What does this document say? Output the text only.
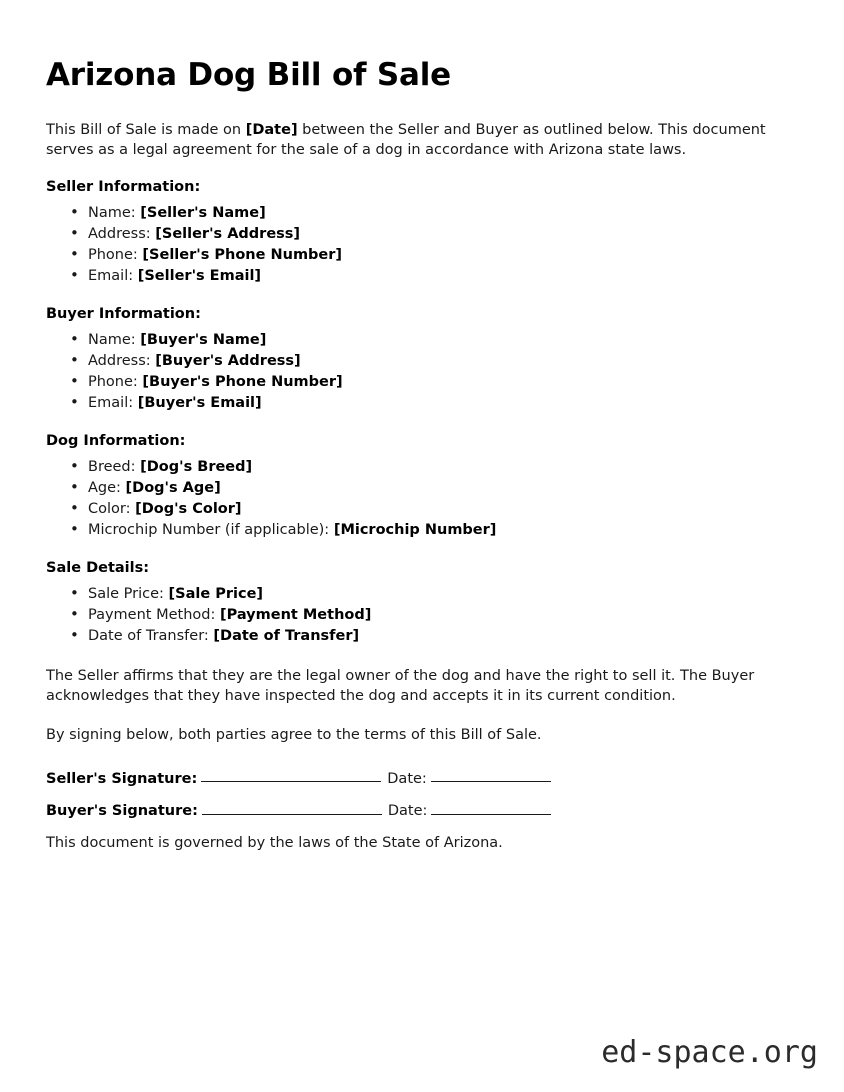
Arizona Dog Bill of Sale

This Bill of Sale is made on [Date] between the Seller and Buyer as outlined below. This document serves as a legal agreement for the sale of a dog in accordance with Arizona state laws.

Seller Information:
• Name: [Seller's Name]
• Address: [Seller's Address]
• Phone: [Seller's Phone Number]
• Email: [Seller's Email]
Buyer Information:
• Name: [Buyer's Name]
• Address: [Buyer's Address]
• Phone: [Buyer's Phone Number]
• Email: [Buyer's Email]
Dog Information:
• Breed: [Dog's Breed]
• Age: [Dog's Age]
• Color: [Dog's Color]
• Microchip Number (if applicable): [Microchip Number]
Sale Details:
• Sale Price: [Sale Price]
• Payment Method: [Payment Method]
• Date of Transfer: [Date of Transfer]

The Seller affirms that they are the legal owner of the dog and have the right to sell it. The Buyer acknowledges that they have inspected the dog and accepts it in its current condition.

By signing below, both parties agree to the terms of this Bill of Sale.

Seller's Signature:	Date:
Buyer's Signature:	Date:

This document is governed by the laws of the State of Arizona.

ed-space.org
